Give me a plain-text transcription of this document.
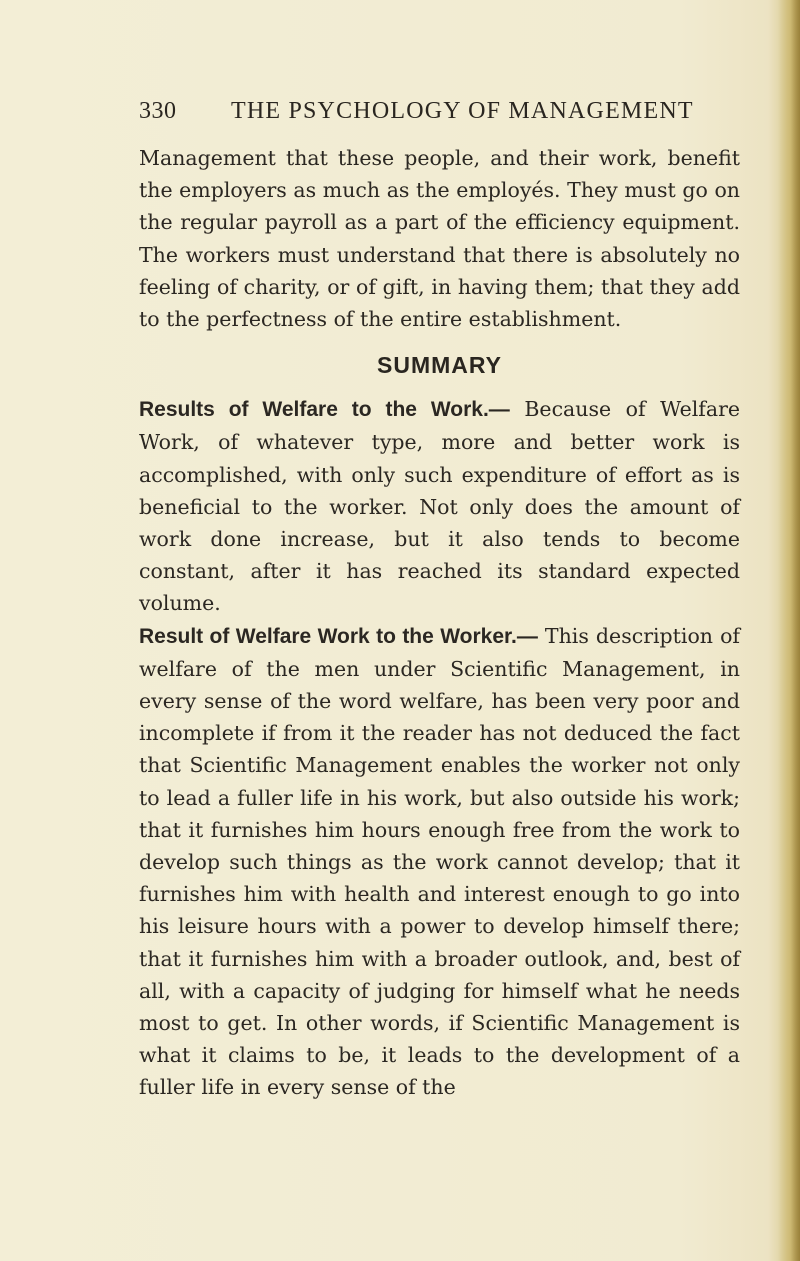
330 THE PSYCHOLOGY OF MANAGEMENT

Management that these people, and their work, benefit the employers as much as the employés. They must go on the regular payroll as a part of the efficiency equipment. The workers must understand that there is absolutely no feeling of charity, or of gift, in having them; that they add to the perfectness of the entire establishment.

SUMMARY

Results of Welfare to the Work.— Because of Welfare Work, of whatever type, more and better work is accomplished, with only such expenditure of effort as is beneficial to the worker. Not only does the amount of work done increase, but it also tends to become constant, after it has reached its standard expected volume.

Result of Welfare Work to the Worker.— This description of welfare of the men under Scientific Management, in every sense of the word welfare, has been very poor and incomplete if from it the reader has not deduced the fact that Scientific Management enables the worker not only to lead a fuller life in his work, but also outside his work; that it furnishes him hours enough free from the work to develop such things as the work cannot develop; that it furnishes him with health and interest enough to go into his leisure hours with a power to develop himself there; that it furnishes him with a broader outlook, and, best of all, with a capacity of judging for himself what he needs most to get. In other words, if Scientific Management is what it claims to be, it leads to the development of a fuller life in every sense of the
